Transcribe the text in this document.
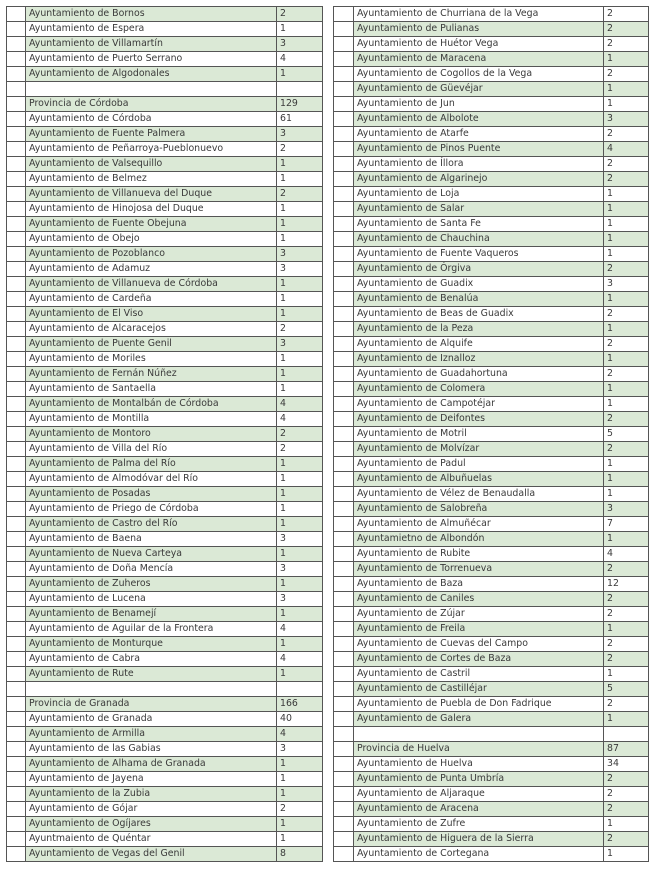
	Ayuntamiento de Bornos	2
	Ayuntamiento de Espera	1
	Ayuntamiento de Villamartín	3
	Ayuntamiento de Puerto Serrano	4
	Ayuntamiento de Algodonales	1

	Provincia de Córdoba	129
	Ayuntamiento de Córdoba	61
	Ayuntamiento de Fuente Palmera	3
	Ayuntamiento de Peñarroya-Pueblonuevo	2
	Ayuntamiento de Valsequillo	1
	Ayuntamiento de Belmez	1
	Ayuntamiento de Villanueva del Duque	2
	Ayuntamiento de Hinojosa del Duque	1
	Ayuntamiento de Fuente Obejuna	1
	Ayuntamiento de Obejo	1
	Ayuntamiento de Pozoblanco	3
	Ayuntamiento de Adamuz	3
	Ayuntamiento de Villanueva de Córdoba	1
	Ayuntamiento de Cardeña	1
	Ayuntamiento de El Viso	1
	Ayuntamiento de Alcaracejos	2
	Ayuntamiento de Puente Genil	3
	Ayuntamiento de Moriles	1
	Ayuntamiento de Fernán Núñez	1
	Ayuntamiento de Santaella	1
	Ayuntamiento de Montalbán de Córdoba	4
	Ayuntamiento de Montilla	4
	Ayuntamiento de Montoro	2
	Ayuntamiento de Villa del Río	2
	Ayuntamiento de Palma del Río	1
	Ayuntamiento de Almodóvar del Río	1
	Ayuntamiento de Posadas	1
	Ayuntamiento de Priego de Córdoba	1
	Ayuntamiento de Castro del Río	1
	Ayuntamiento de Baena	3
	Ayuntamiento de Nueva Carteya	1
	Ayuntamiento de Doña Mencía	3
	Ayuntamiento de Zuheros	1
	Ayuntamiento de Lucena	3
	Ayuntamiento de Benamejí	1
	Ayuntamiento de Aguilar de la Frontera	4
	Ayuntamiento de Monturque	1
	Ayuntamiento de Cabra	4
	Ayuntamiento de Rute	1

	Provincia de Granada	166
	Ayuntamiento de Granada	40
	Ayuntamiento de Armilla	4
	Ayuntamiento de las Gabias	3
	Ayuntamiento de Alhama de Granada	1
	Ayuntamiento de Jayena	1
	Ayuntamiento de la Zubia	1
	Ayuntamiento de Gójar	2
	Ayuntamiento de Ogíjares	1
	Ayuntmaiento de Quéntar	1
	Ayuntamiento de Vegas del Genil	8
	Ayuntamiento de Churriana de la Vega	2
	Ayuntamiento de Pulianas	2
	Ayuntamiento de Huétor Vega	2
	Ayuntamiento de Maracena	1
	Ayuntamiento de Cogollos de la Vega	2
	Ayuntamiento de Güevéjar	1
	Ayuntamiento de Jun	1
	Ayuntamiento de Albolote	3
	Ayuntamiento de Atarfe	2
	Ayuntamiento de Pinos Puente	4
	Ayuntamiento de Íllora	2
	Ayuntamiento de Algarinejo	2
	Ayuntamiento de Loja	1
	Ayuntamiento de Salar	1
	Ayuntamiento de Santa Fe	1
	Ayuntamiento de Chauchina	1
	Ayuntamiento de Fuente Vaqueros	1
	Ayuntamiento de Órgiva	2
	Ayuntamiento de Guadix	3
	Ayuntamiento de Benalúa	1
	Ayuntamiento de Beas de Guadix	2
	Ayuntamiento de la Peza	1
	Ayuntamiento de Alquife	2
	Ayuntamiento de Iznalloz	1
	Ayuntamiento de Guadahortuna	2
	Ayuntamiento de Colomera	1
	Ayuntamiento de Campotéjar	1
	Ayuntamiento de Deifontes	2
	Ayuntamiento de Motril	5
	Ayuntamiento de Molvízar	2
	Ayuntamiento de Padul	1
	Ayuntamiento de Albuñuelas	1
	Ayuntamiento de Vélez de Benaudalla	1
	Ayuntamiento de Salobreña	3
	Ayuntamiento de Almuñécar	7
	Ayuntamietno de Albondón	1
	Ayuntamiento de Rubite	4
	Ayuntamiento de Torrenueva	2
	Ayuntamiento de Baza	12
	Ayuntamiento de Caniles	2
	Ayuntamiento de Zújar	2
	Ayuntamiento de Freila	1
	Ayuntamiento de Cuevas del Campo	2
	Ayuntamiento de Cortes de Baza	2
	Ayuntamiento de Castril	1
	Ayuntamiento de Castilléjar	5
	Ayuntamiento de Puebla de Don Fadrique	2
	Ayuntamiento de Galera	1

	Provincia de Huelva	87
	Ayuntamiento de Huelva	34
	Ayuntamiento de Punta Umbría	2
	Ayuntamiento de Aljaraque	2
	Ayuntamiento de Aracena	2
	Ayuntamiento de Zufre	1
	Ayuntamiento de Higuera de la Sierra	2
	Ayuntamiento de Cortegana	1
